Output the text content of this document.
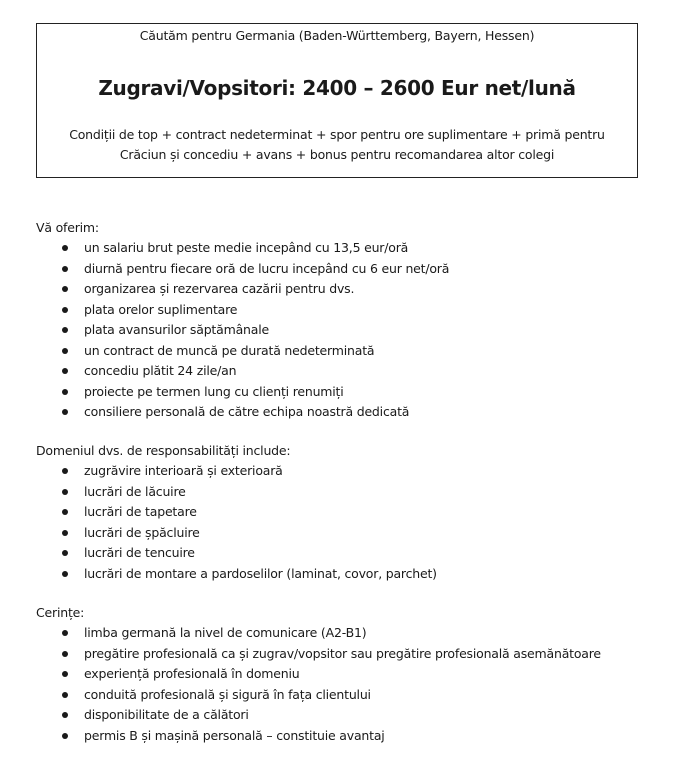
Căutăm pentru Germania (Baden-Württemberg, Bayern, Hessen)
Zugravi/Vopsitori: 2400 – 2600 Eur net/lună
Condiții de top + contract nedeterminat + spor pentru ore suplimentare + primă pentru Crăciun și concediu + avans + bonus pentru recomandarea altor colegi
Vă oferim:
un salariu brut peste medie incepând cu 13,5 eur/oră
diurnă pentru fiecare oră de lucru incepând cu 6 eur net/oră
organizarea și rezervarea cazării pentru dvs.
plata orelor suplimentare
plata avansurilor săptămânale
un contract de muncă pe durată nedeterminată
concediu plătit 24 zile/an
proiecte pe termen lung cu clienți renumiți
consiliere personală de către echipa noastră dedicată
Domeniul dvs. de responsabilități include:
zugrăvire interioară și exterioară
lucrări de lăcuire
lucrări de tapetare
lucrări de șpăcluire
lucrări de tencuire
lucrări de montare a pardoselilor (laminat, covor, parchet)
Cerințe:
limba germană la nivel de comunicare (A2-B1)
pregătire profesională ca și zugrav/vopsitor sau pregătire profesională asemănătoare
experiență profesională în domeniu
conduită profesională și sigură în fața clientului
disponibilitate de a călători
permis B și mașină personală – constituie avantaj
